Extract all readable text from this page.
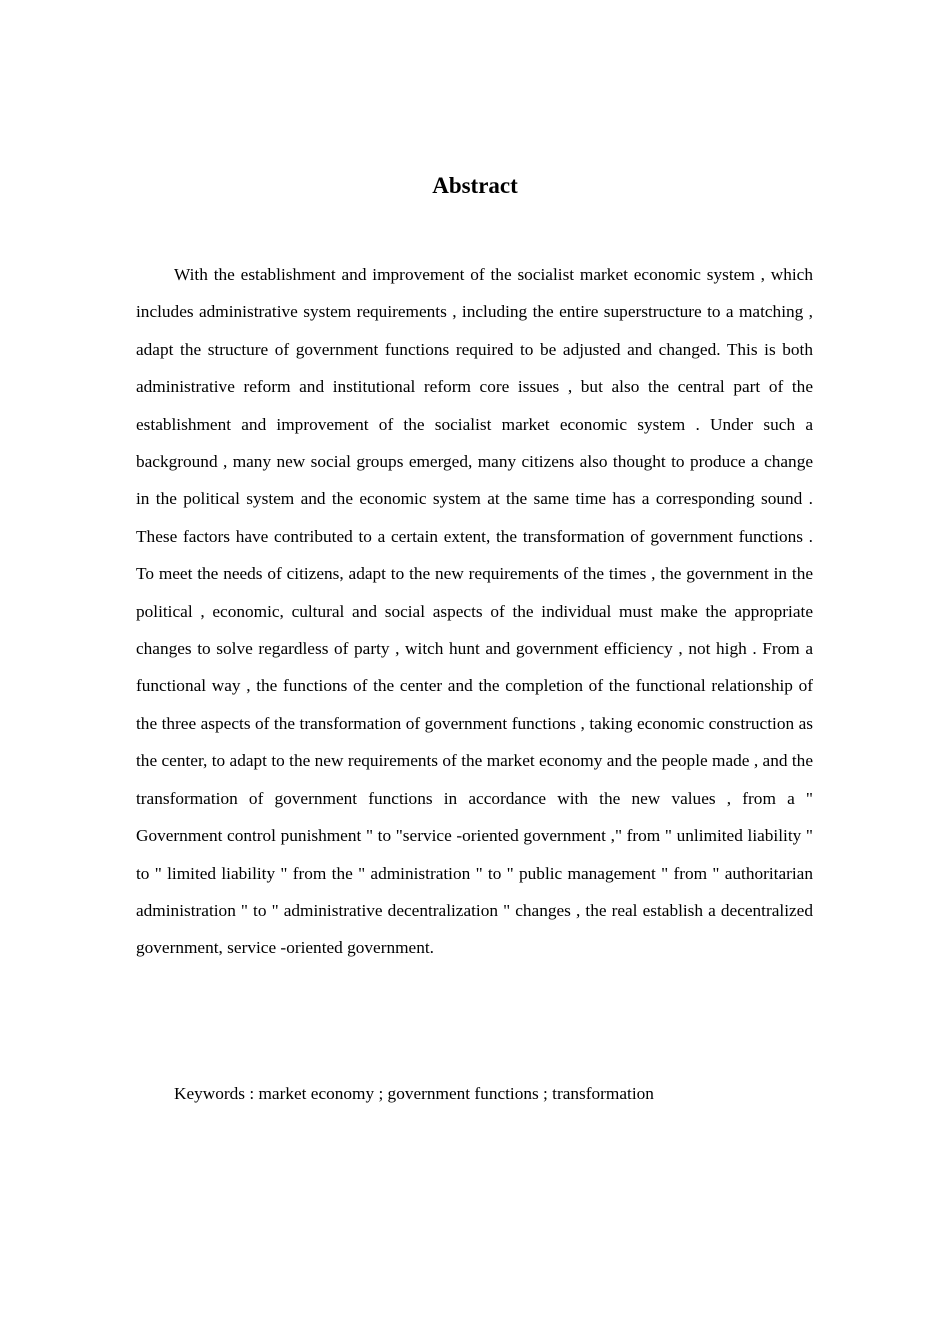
Abstract

With the establishment and improvement of the socialist market economic system , which includes administrative system requirements , including the entire superstructure to a matching , adapt the structure of government functions required to be adjusted and changed. This is both administrative reform and institutional reform core issues , but also the central part of the establishment and improvement of the socialist market economic system . Under such a background , many new social groups emerged, many citizens also thought to produce a change in the political system and the economic system at the same time has a corresponding sound . These factors have contributed to a certain extent, the transformation of government functions . To meet the needs of citizens, adapt to the new requirements of the times , the government in the political , economic, cultural and social aspects of the individual must make the appropriate changes to solve regardless of party , witch hunt and government efficiency , not high . From a functional way , the functions of the center and the completion of the functional relationship of the three aspects of the transformation of government functions , taking economic construction as the center, to adapt to the new requirements of the market economy and the people made , and the transformation of government functions in accordance with the new values , from a " Government control punishment " to "service -oriented government ," from " unlimited liability " to " limited liability " from the " administration " to " public management " from " authoritarian administration " to " administrative decentralization " changes , the real establish a decentralized government, service -oriented government.

Keywords : market economy ; government functions ; transformation
